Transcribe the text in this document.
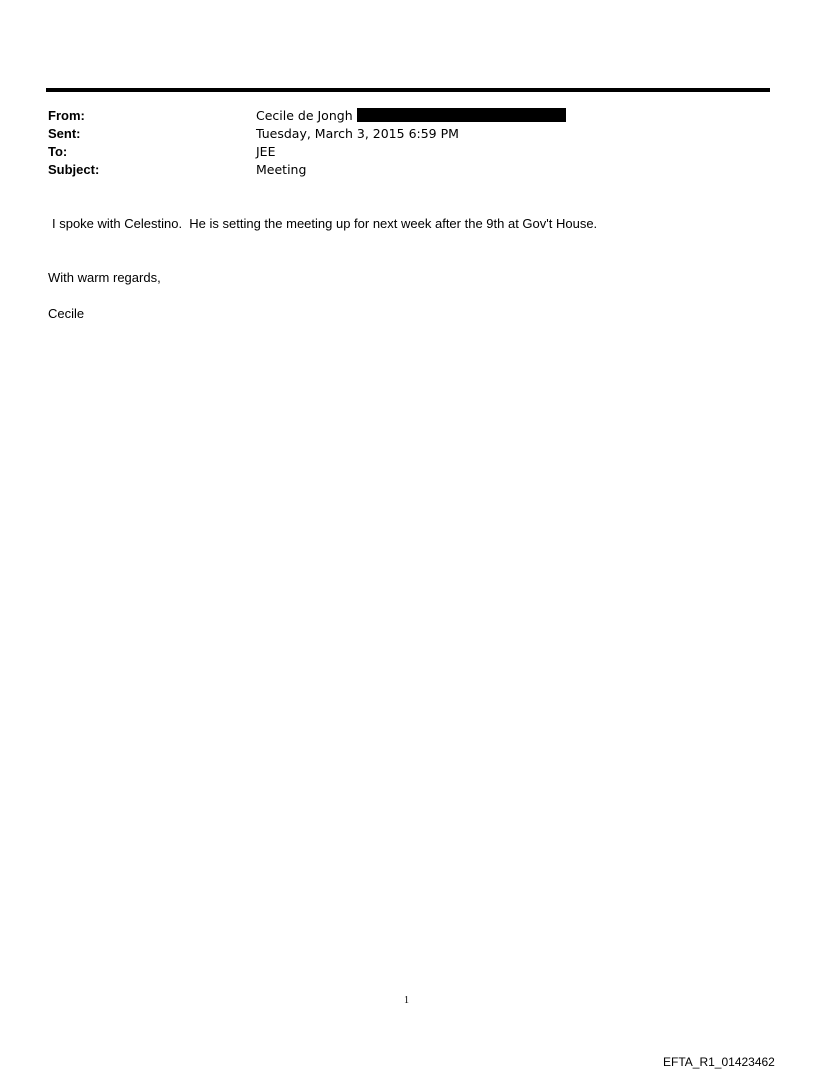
From:	Cecile de Jongh
Sent:	Tuesday, March 3, 2015 6:59 PM
To:	JEE
Subject:	Meeting
I spoke with Celestino.  He is setting the meeting up for next week after the 9th at Gov't House.
With warm regards,
Cecile
1
EFTA_R1_01423462
